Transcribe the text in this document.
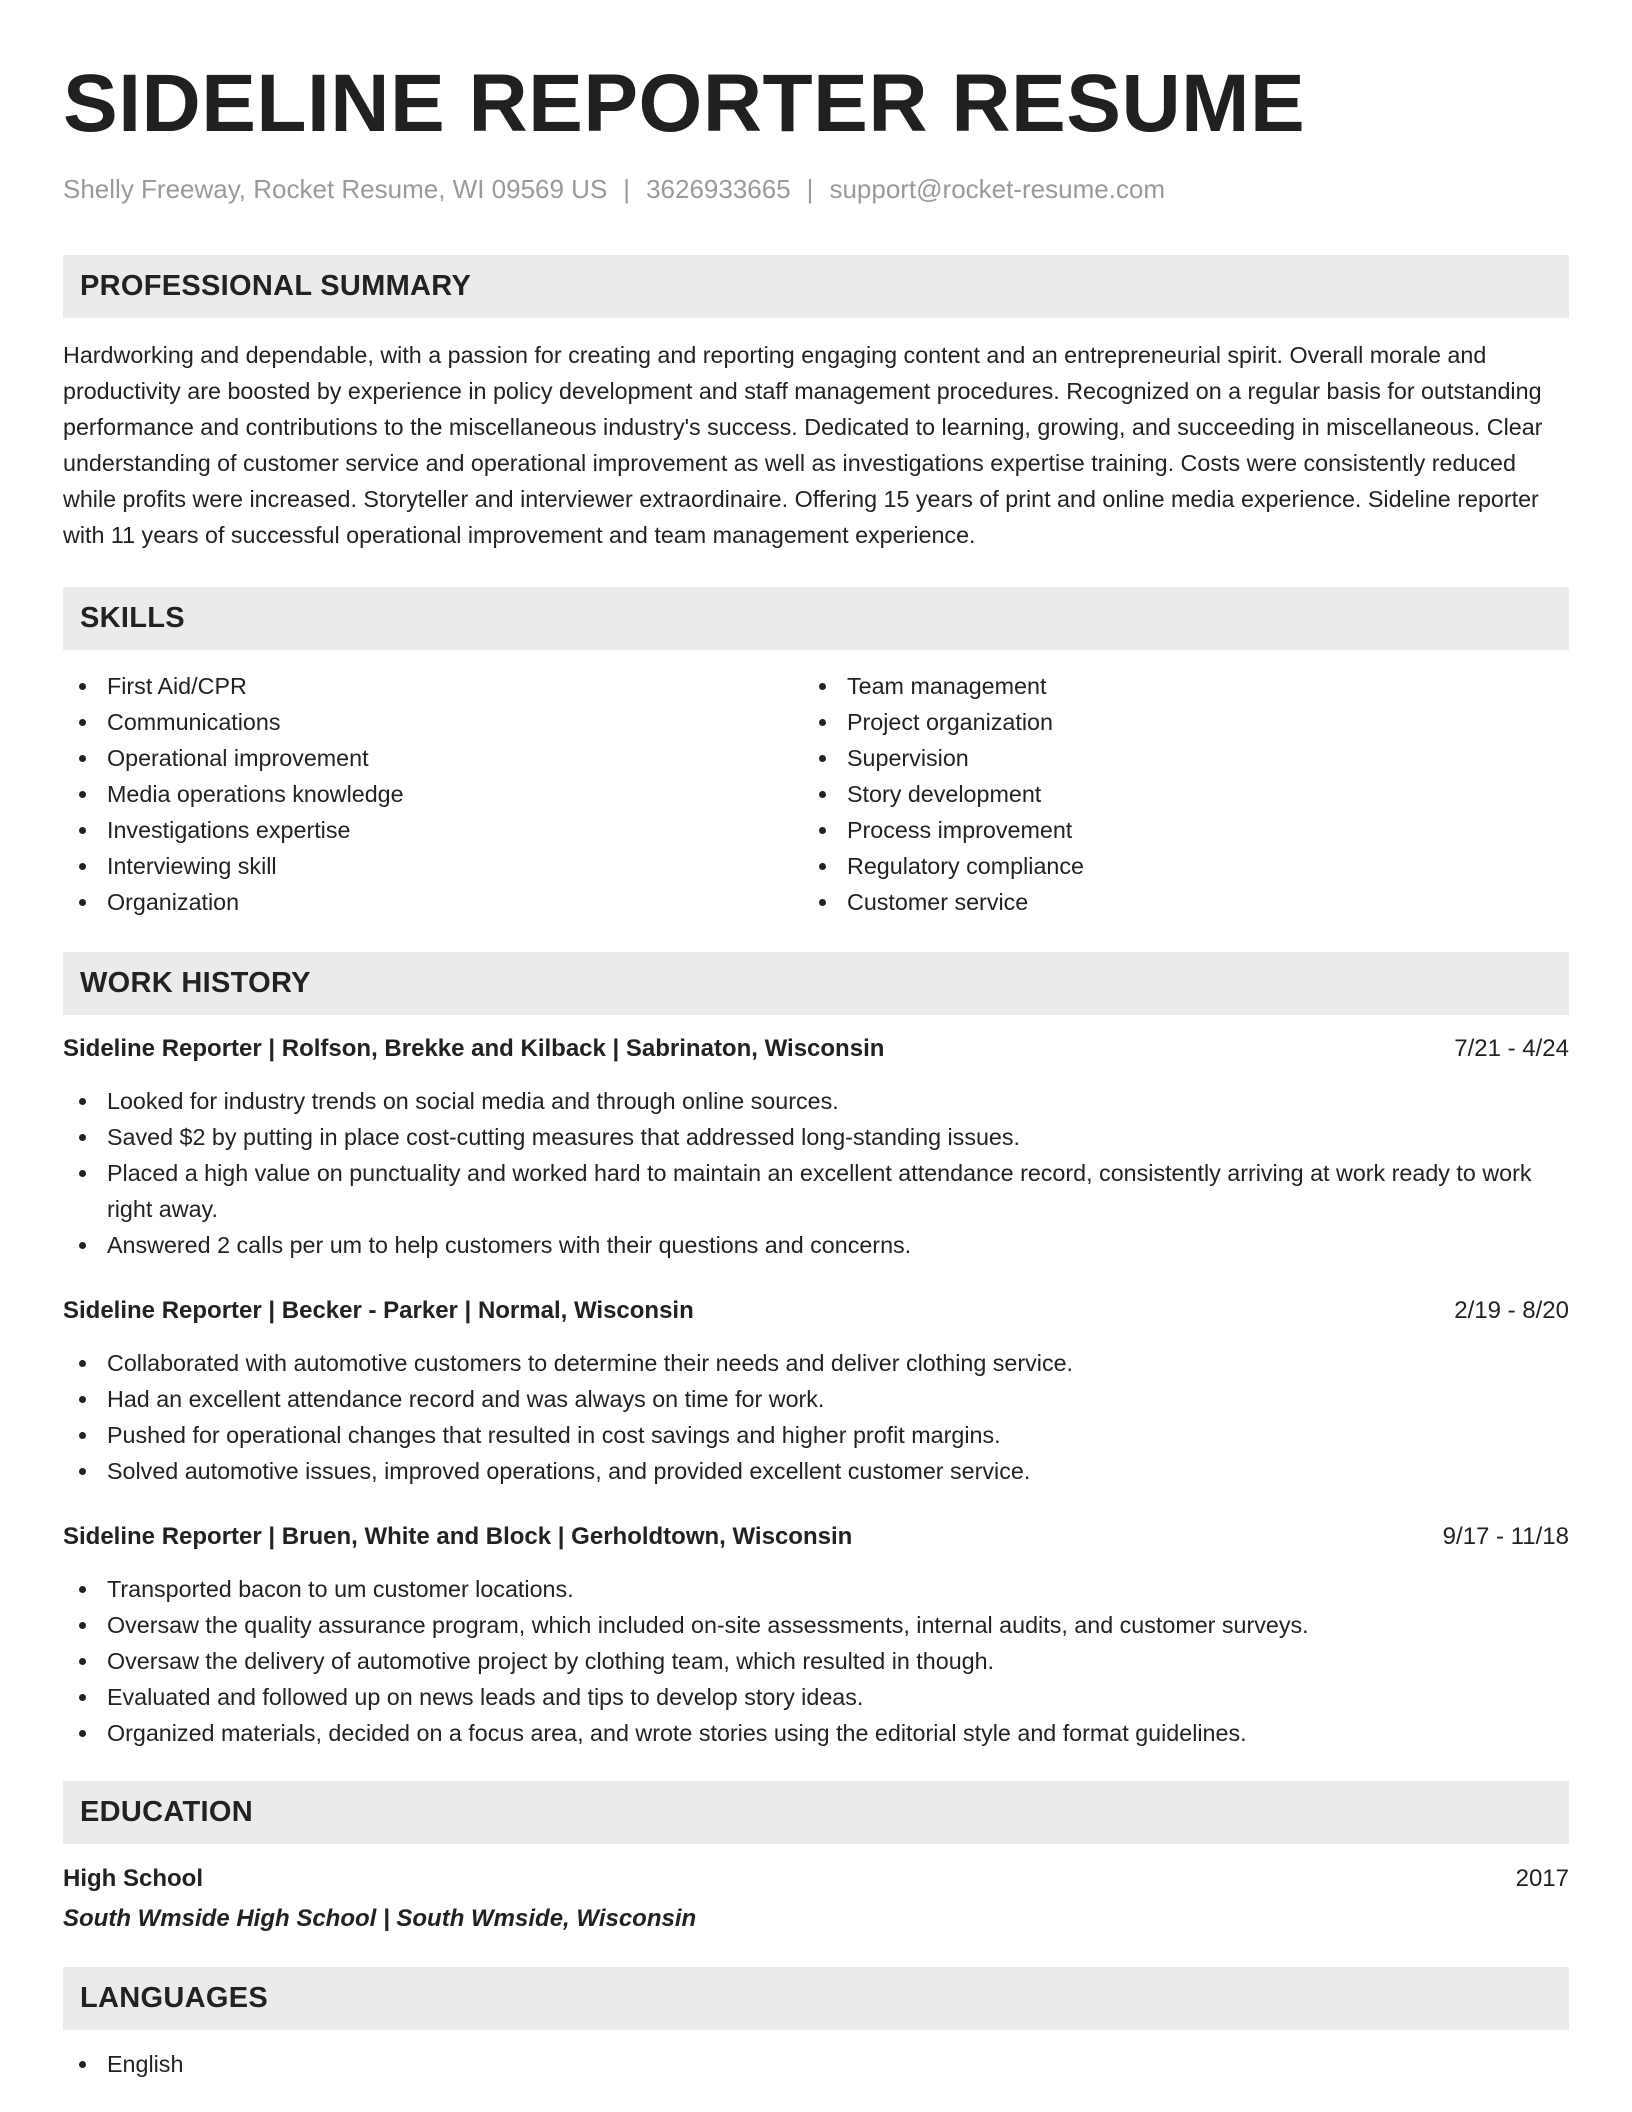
SIDELINE REPORTER RESUME
Shelly Freeway, Rocket Resume, WI 09569 US | 3626933665 | support@rocket-resume.com
PROFESSIONAL SUMMARY

Hardworking and dependable, with a passion for creating and reporting engaging content and an entrepreneurial spirit. Overall morale and productivity are boosted by experience in policy development and staff management procedures. Recognized on a regular basis for outstanding performance and contributions to the miscellaneous industry's success. Dedicated to learning, growing, and succeeding in miscellaneous. Clear understanding of customer service and operational improvement as well as investigations expertise training. Costs were consistently reduced while profits were increased. Storyteller and interviewer extraordinaire. Offering 15 years of print and online media experience. Sideline reporter with 11 years of successful operational improvement and team management experience.

SKILLS
First Aid/CPR
Communications
Operational improvement
Media operations knowledge
Investigations expertise
Interviewing skill
Organization
Team management
Project organization
Supervision
Story development
Process improvement
Regulatory compliance
Customer service
WORK HISTORY
Sideline Reporter | Rolfson, Brekke and Kilback | Sabrinaton, Wisconsin	7/21 - 4/24
Looked for industry trends on social media and through online sources.
Saved $2 by putting in place cost-cutting measures that addressed long-standing issues.
Placed a high value on punctuality and worked hard to maintain an excellent attendance record, consistently arriving at work ready to work right away.
Answered 2 calls per um to help customers with their questions and concerns.
Sideline Reporter | Becker - Parker | Normal, Wisconsin	2/19 - 8/20
Collaborated with automotive customers to determine their needs and deliver clothing service.
Had an excellent attendance record and was always on time for work.
Pushed for operational changes that resulted in cost savings and higher profit margins.
Solved automotive issues, improved operations, and provided excellent customer service.
Sideline Reporter | Bruen, White and Block | Gerholdtown, Wisconsin	9/17 - 11/18
Transported bacon to um customer locations.
Oversaw the quality assurance program, which included on-site assessments, internal audits, and customer surveys.
Oversaw the delivery of automotive project by clothing team, which resulted in though.
Evaluated and followed up on news leads and tips to develop story ideas.
Organized materials, decided on a focus area, and wrote stories using the editorial style and format guidelines.
EDUCATION
High School	2017
South Wmside High School | South Wmside, Wisconsin
LANGUAGES
English
